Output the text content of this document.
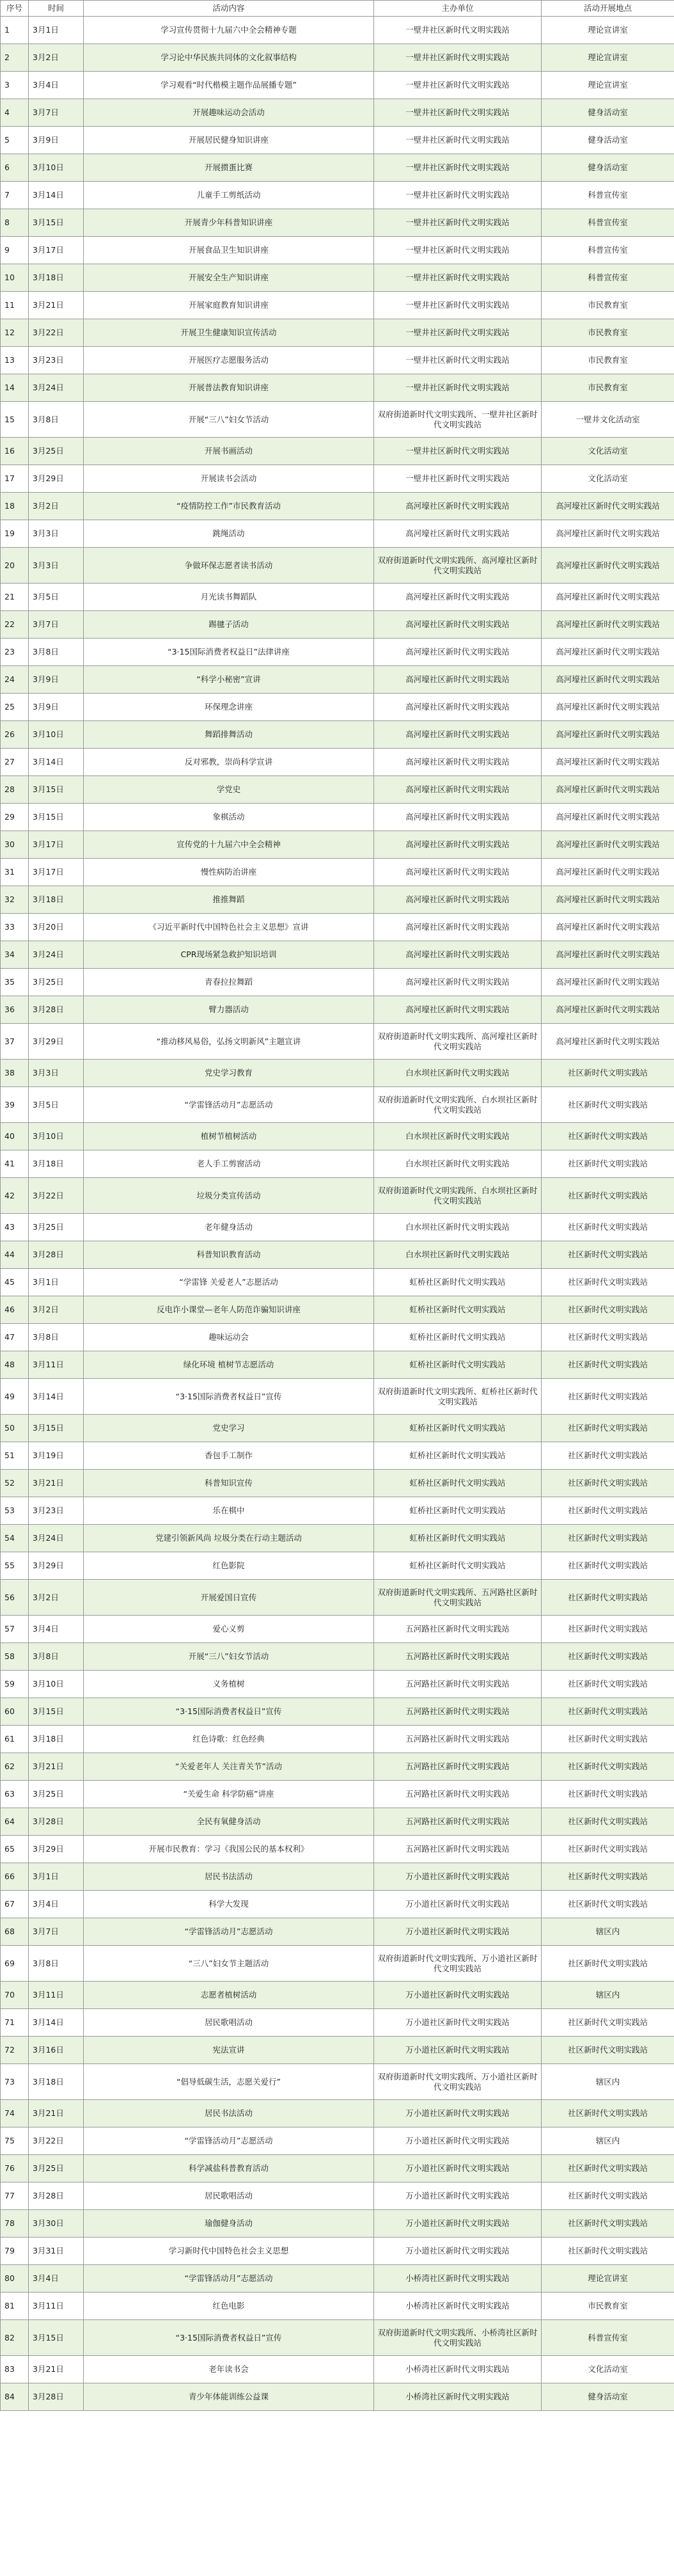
序号	时间	活动内容	主办单位	活动开展地点
1	3月1日	学习宣传贯彻十九届六中全会精神专题	一壁井社区新时代文明实践站	理论宣讲室
2	3月2日	学习论中华民族共同体的文化叙事结构	一壁井社区新时代文明实践站	理论宣讲室
3	3月4日	学习观看“时代楷模主题作品展播专题”	一壁井社区新时代文明实践站	理论宣讲室
4	3月7日	开展趣味运动会活动	一壁井社区新时代文明实践站	健身活动室
5	3月9日	开展居民健身知识讲座	一壁井社区新时代文明实践站	健身活动室
6	3月10日	开展掼蛋比赛	一壁井社区新时代文明实践站	健身活动室
7	3月14日	儿童手工剪纸活动	一壁井社区新时代文明实践站	科普宣传室
8	3月15日	开展青少年科普知识讲座	一壁井社区新时代文明实践站	科普宣传室
9	3月17日	开展食品卫生知识讲座	一壁井社区新时代文明实践站	科普宣传室
10	3月18日	开展安全生产知识讲座	一壁井社区新时代文明实践站	科普宣传室
11	3月21日	开展家庭教育知识讲座	一壁井社区新时代文明实践站	市民教育室
12	3月22日	开展卫生健康知识宣传活动	一壁井社区新时代文明实践站	市民教育室
13	3月23日	开展医疗志愿服务活动	一壁井社区新时代文明实践站	市民教育室
14	3月24日	开展普法教育知识讲座	一壁井社区新时代文明实践站	市民教育室
15	3月8日	开展“三八”妇女节活动	双府街道新时代文明实践所、一壁井社区新时代文明实践站	一壁井文化活动室
16	3月25日	开展书画活动	一壁井社区新时代文明实践站	文化活动室
17	3月29日	开展读书会活动	一壁井社区新时代文明实践站	文化活动室
18	3月2日	“疫情防控工作”市民教育活动	高河壕社区新时代文明实践站	高河壕社区新时代文明实践站
19	3月3日	跳绳活动	高河壕社区新时代文明实践站	高河壕社区新时代文明实践站
20	3月3日	争做环保志愿者读书活动	双府街道新时代文明实践所、高河壕社区新时代文明实践站	高河壕社区新时代文明实践站
21	3月5日	月光读书舞蹈队	高河壕社区新时代文明实践站	高河壕社区新时代文明实践站
22	3月7日	踢毽子活动	高河壕社区新时代文明实践站	高河壕社区新时代文明实践站
23	3月8日	“3·15国际消费者权益日”法律讲座	高河壕社区新时代文明实践站	高河壕社区新时代文明实践站
24	3月9日	“科学小秘密”宣讲	高河壕社区新时代文明实践站	高河壕社区新时代文明实践站
25	3月9日	环保理念讲座	高河壕社区新时代文明实践站	高河壕社区新时代文明实践站
26	3月10日	舞蹈排舞活动	高河壕社区新时代文明实践站	高河壕社区新时代文明实践站
27	3月14日	反对邪教，崇尚科学宣讲	高河壕社区新时代文明实践站	高河壕社区新时代文明实践站
28	3月15日	学党史	高河壕社区新时代文明实践站	高河壕社区新时代文明实践站
29	3月15日	象棋活动	高河壕社区新时代文明实践站	高河壕社区新时代文明实践站
30	3月17日	宣传党的十九届六中全会精神	高河壕社区新时代文明实践站	高河壕社区新时代文明实践站
31	3月17日	慢性病防治讲座	高河壕社区新时代文明实践站	高河壕社区新时代文明实践站
32	3月18日	推推舞蹈	高河壕社区新时代文明实践站	高河壕社区新时代文明实践站
33	3月20日	《习近平新时代中国特色社会主义思想》宣讲	高河壕社区新时代文明实践站	高河壕社区新时代文明实践站
34	3月24日	CPR现场紧急救护知识培训	高河壕社区新时代文明实践站	高河壕社区新时代文明实践站
35	3月25日	青春拉拉舞蹈	高河壕社区新时代文明实践站	高河壕社区新时代文明实践站
36	3月28日	臂力器活动	高河壕社区新时代文明实践站	高河壕社区新时代文明实践站
37	3月29日	“推动移风易俗，弘扬文明新风”主题宣讲	双府街道新时代文明实践所、高河壕社区新时代文明实践站	高河壕社区新时代文明实践站
38	3月3日	党史学习教育	白水坝社区新时代文明实践站	社区新时代文明实践站
39	3月5日	“学雷锋活动月”志愿活动	双府街道新时代文明实践所、白水坝社区新时代文明实践站	社区新时代文明实践站
40	3月10日	植树节植树活动	白水坝社区新时代文明实践站	社区新时代文明实践站
41	3月18日	老人手工剪窗活动	白水坝社区新时代文明实践站	社区新时代文明实践站
42	3月22日	垃圾分类宣传活动	双府街道新时代文明实践所、白水坝社区新时代文明实践站	社区新时代文明实践站
43	3月25日	老年健身活动	白水坝社区新时代文明实践站	社区新时代文明实践站
44	3月28日	科普知识教育活动	白水坝社区新时代文明实践站	社区新时代文明实践站
45	3月1日	“学雷锋 关爱老人”志愿活动	虹桥社区新时代文明实践站	社区新时代文明实践站
46	3月2日	反电诈小课堂—老年人防范诈骗知识讲座	虹桥社区新时代文明实践站	社区新时代文明实践站
47	3月8日	趣味运动会	虹桥社区新时代文明实践站	社区新时代文明实践站
48	3月11日	绿化环境 植树节志愿活动	虹桥社区新时代文明实践站	社区新时代文明实践站
49	3月14日	“3·15国际消费者权益日”宣传	双府街道新时代文明实践所、虹桥社区新时代文明实践站	社区新时代文明实践站
50	3月15日	党史学习	虹桥社区新时代文明实践站	社区新时代文明实践站
51	3月19日	香包手工制作	虹桥社区新时代文明实践站	社区新时代文明实践站
52	3月21日	科普知识宣传	虹桥社区新时代文明实践站	社区新时代文明实践站
53	3月23日	乐在棋中	虹桥社区新时代文明实践站	社区新时代文明实践站
54	3月24日	党建引领新风尚 垃圾分类在行动主题活动	虹桥社区新时代文明实践站	社区新时代文明实践站
55	3月29日	红色影院	虹桥社区新时代文明实践站	社区新时代文明实践站
56	3月2日	开展爱国日宣传	双府街道新时代文明实践所、五河路社区新时代文明实践站	社区新时代文明实践站
57	3月4日	爱心义剪	五河路社区新时代文明实践站	社区新时代文明实践站
58	3月8日	开展“三八”妇女节活动	五河路社区新时代文明实践站	社区新时代文明实践站
59	3月10日	义务植树	五河路社区新时代文明实践站	社区新时代文明实践站
60	3月15日	“3·15国际消费者权益日”宣传	五河路社区新时代文明实践站	社区新时代文明实践站
61	3月18日	红色诗歌：红色经典	五河路社区新时代文明实践站	社区新时代文明实践站
62	3月21日	“关爱老年人 关注青关节”活动	五河路社区新时代文明实践站	社区新时代文明实践站
63	3月25日	“关爱生命 科学防癌”讲座	五河路社区新时代文明实践站	社区新时代文明实践站
64	3月28日	全民有氧健身活动	五河路社区新时代文明实践站	社区新时代文明实践站
65	3月29日	开展市民教育：学习《我国公民的基本权利》	五河路社区新时代文明实践站	社区新时代文明实践站
66	3月1日	居民书法活动	万小道社区新时代文明实践站	社区新时代文明实践站
67	3月4日	科学大发现	万小道社区新时代文明实践站	社区新时代文明实践站
68	3月7日	“学雷锋活动月”志愿活动	万小道社区新时代文明实践站	辖区内
69	3月8日	“三八”妇女节主题活动	双府街道新时代文明实践所、万小道社区新时代文明实践站	社区新时代文明实践站
70	3月11日	志愿者植树活动	万小道社区新时代文明实践站	辖区内
71	3月14日	居民歌唱活动	万小道社区新时代文明实践站	社区新时代文明实践站
72	3月16日	宪法宣讲	万小道社区新时代文明实践站	社区新时代文明实践站
73	3月18日	“倡导低碳生活，志愿关爱行”	双府街道新时代文明实践所、万小道社区新时代文明实践站	辖区内
74	3月21日	居民书法活动	万小道社区新时代文明实践站	社区新时代文明实践站
75	3月22日	“学雷锋活动月”志愿活动	万小道社区新时代文明实践站	辖区内
76	3月25日	科学减盐科普教育活动	万小道社区新时代文明实践站	社区新时代文明实践站
77	3月28日	居民歌唱活动	万小道社区新时代文明实践站	社区新时代文明实践站
78	3月30日	瑜伽健身活动	万小道社区新时代文明实践站	社区新时代文明实践站
79	3月31日	学习新时代中国特色社会主义思想	万小道社区新时代文明实践站	社区新时代文明实践站
80	3月4日	“学雷锋活动月”志愿活动	小桥湾社区新时代文明实践站	理论宣讲室
81	3月11日	红色电影	小桥湾社区新时代文明实践站	市民教育室
82	3月15日	“3·15国际消费者权益日”宣传	双府街道新时代文明实践所、小桥湾社区新时代文明实践站	科普宣传室
83	3月21日	老年读书会	小桥湾社区新时代文明实践站	文化活动室
84	3月28日	青少年体能训练公益课	小桥湾社区新时代文明实践站	健身活动室
